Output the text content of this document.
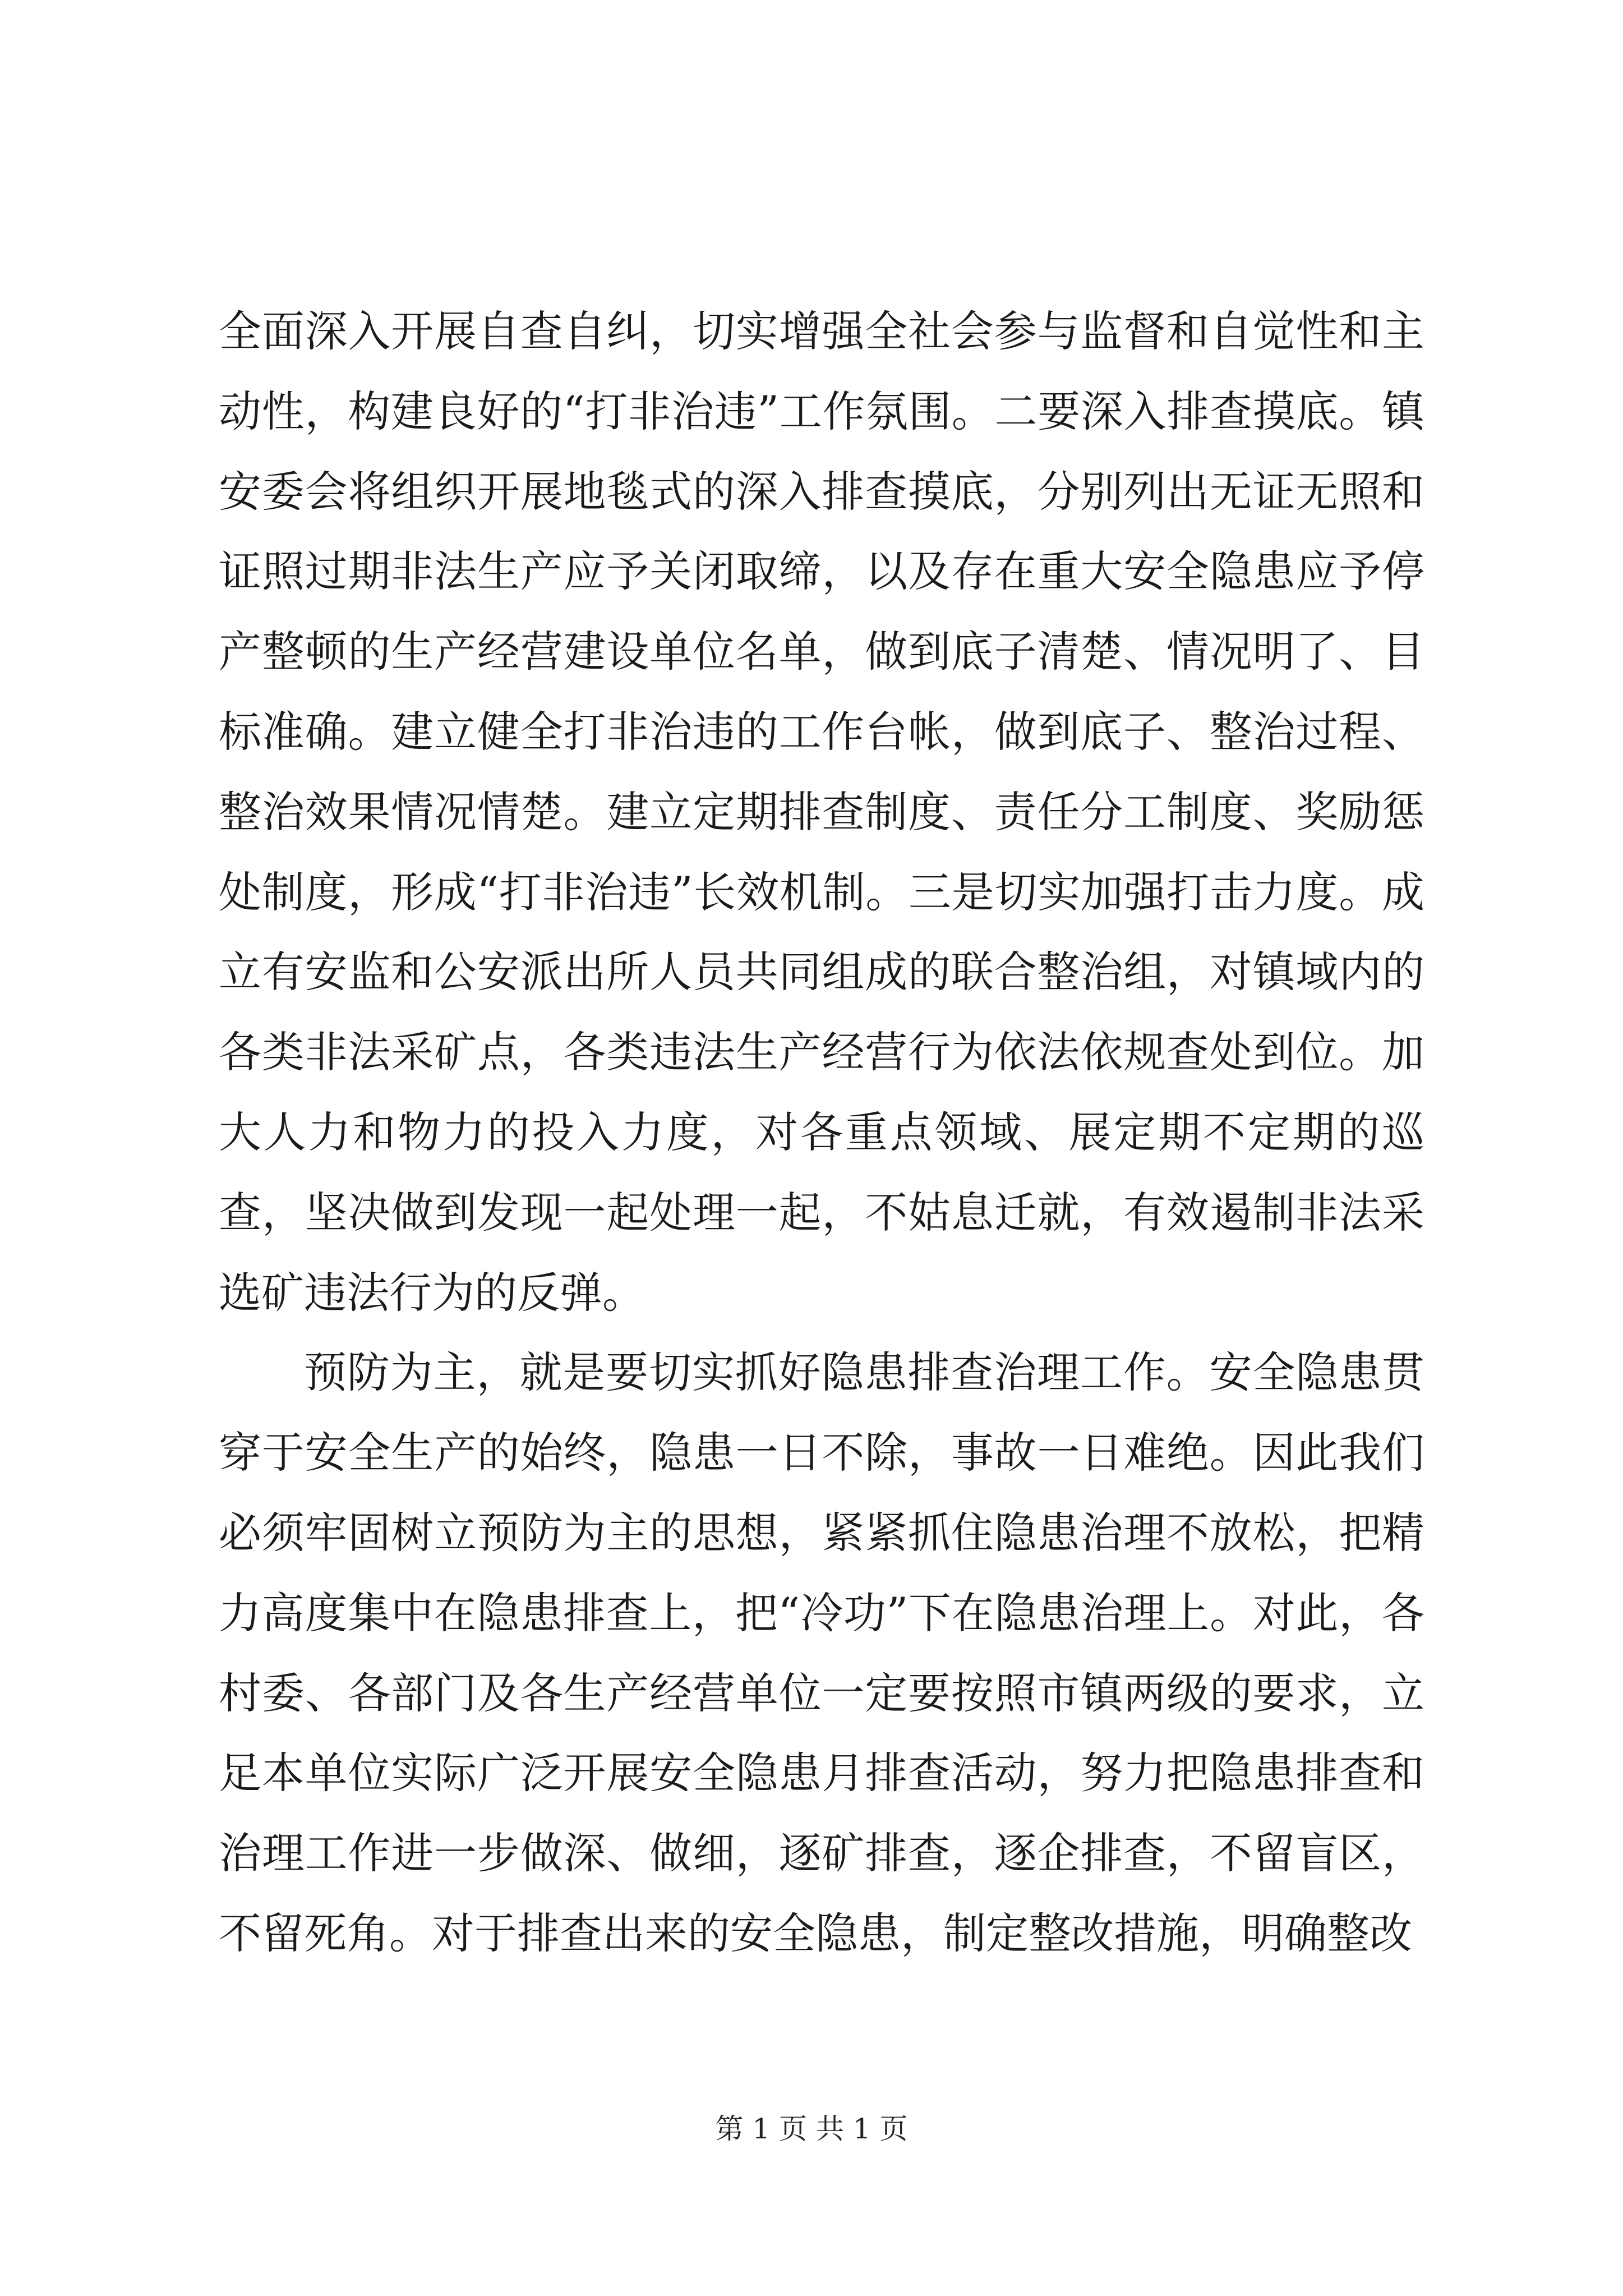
全面深入开展自查自纠，切实增强全社会参与监督和自觉性和主动性，构建良好的“打非治违”工作氛围。二要深入排查摸底。镇安委会将组织开展地毯式的深入排查摸底，分别列出无证无照和证照过期非法生产应予关闭取缔，以及存在重大安全隐患应予停产整顿的生产经营建设单位名单，做到底子清楚、情况明了、目标准确。建立健全打非治违的工作台帐，做到底子、整治过程、整治效果情况情楚。建立定期排查制度、责任分工制度、奖励惩处制度，形成“打非治违”长效机制。三是切实加强打击力度。成立有安监和公安派出所人员共同组成的联合整治组，对镇域内的各类非法采矿点，各类违法生产经营行为依法依规查处到位。加大人力和物力的投入力度，对各重点领域、展定期不定期的巡查，坚决做到发现一起处理一起，不姑息迁就，有效遏制非法采选矿违法行为的反弹。

预防为主，就是要切实抓好隐患排查治理工作。安全隐患贯穿于安全生产的始终，隐患一日不除，事故一日难绝。因此我们必须牢固树立预防为主的思想，紧紧抓住隐患治理不放松，把精力高度集中在隐患排查上，把“冷功”下在隐患治理上。对此，各村委、各部门及各生产经营单位一定要按照市镇两级的要求，立足本单位实际广泛开展安全隐患月排查活动，努力把隐患排查和治理工作进一步做深、做细，逐矿排查，逐企排查，不留盲区，不留死角。对于排查出来的安全隐患，制定整改措施，明确整改

第 1 页 共 1 页
